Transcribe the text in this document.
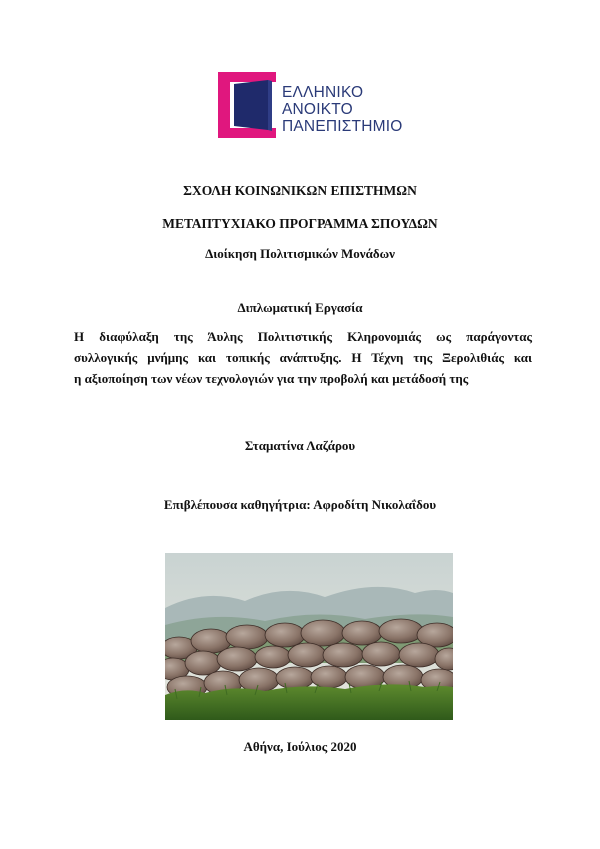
ΕΛΛΗΝΙΚΟ
ΑΝΟΙΚΤΟ
ΠΑΝΕΠΙΣΤΗΜΙΟ
ΣΧΟΛΗ ΚΟΙΝΩΝΙΚΩΝ ΕΠΙΣΤΗΜΩΝ
ΜΕΤΑΠΤΥΧΙΑΚΟ ΠΡΟΓΡΑΜΜΑ ΣΠΟΥΔΩΝ
Διοίκηση Πολιτισμικών Μονάδων
Διπλωματική Εργασία
Η διαφύλαξη της Άυλης Πολιτιστικής Κληρονομιάς ως παράγοντας
συλλογικής μνήμης και τοπικής ανάπτυξης. Η Τέχνη της Ξερολιθιάς και
η αξιοποίηση των νέων τεχνολογιών για την προβολή και μετάδοσή της
Σταματίνα Λαζάρου
Επιβλέπουσα καθηγήτρια: Αφροδίτη Νικολαΐδου
Αθήνα, Ιούλιος 2020
